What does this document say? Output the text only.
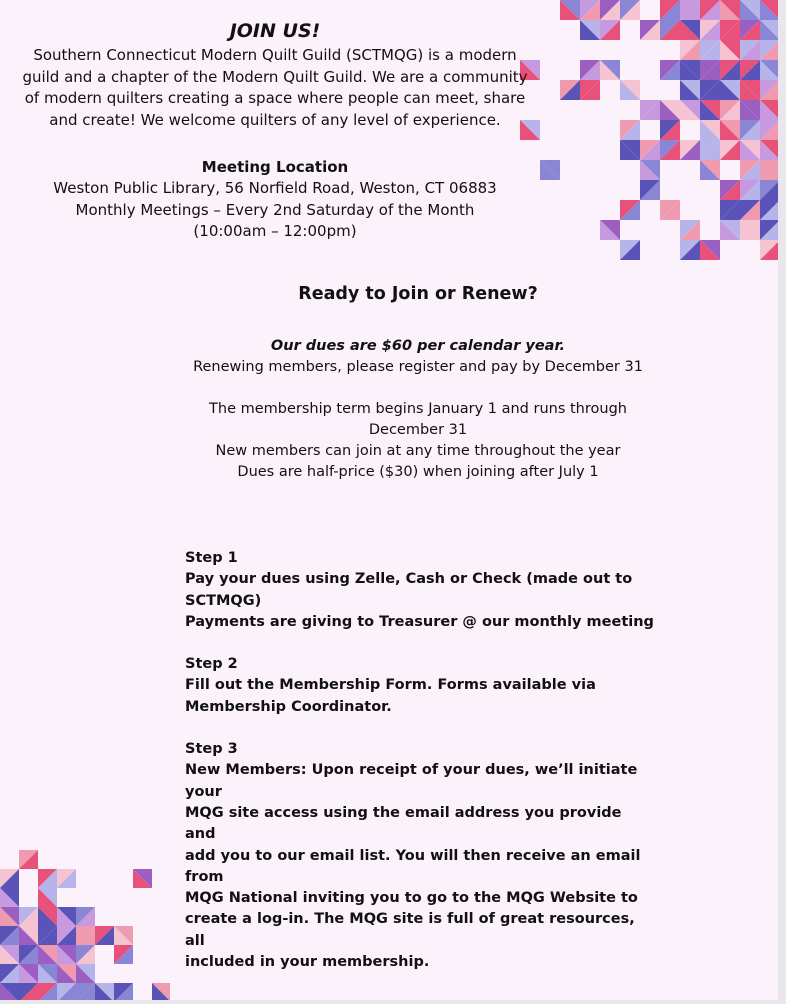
JOIN US!

Southern Connecticut Modern Quilt Guild (SCTMQG) is a modern

guild and a chapter of the Modern Quilt Guild. We are a community

of modern quilters creating a space where people can meet, share

and create! We welcome quilters of any level of experience.

Meeting Location
Weston Public Library, 56 Norfield Road, Weston, CT 06883
Monthly Meetings – Every 2nd Saturday of the Month
(10:00am – 12:00pm)
Ready to Join or Renew?
Our dues are $60 per calendar year.
Renewing members, please register and pay by December 31
The membership term begins January 1 and runs through
December 31
New members can join at any time throughout the year
Dues are half-price ($30) when joining after July 1
Step 1
Pay your dues using Zelle, Cash or Check (made out to
SCTMQG)
Payments are giving to Treasurer @ our monthly meeting
Step 2
Fill out the Membership Form. Forms available via
Membership Coordinator.
Step 3
New Members: Upon receipt of your dues, we’ll initiate your
MQG site access using the email address you provide and
add you to our email list. You will then receive an email from
MQG National inviting you to go to the MQG Website to
create a log-in. The MQG site is full of great resources, all
included in your membership.
